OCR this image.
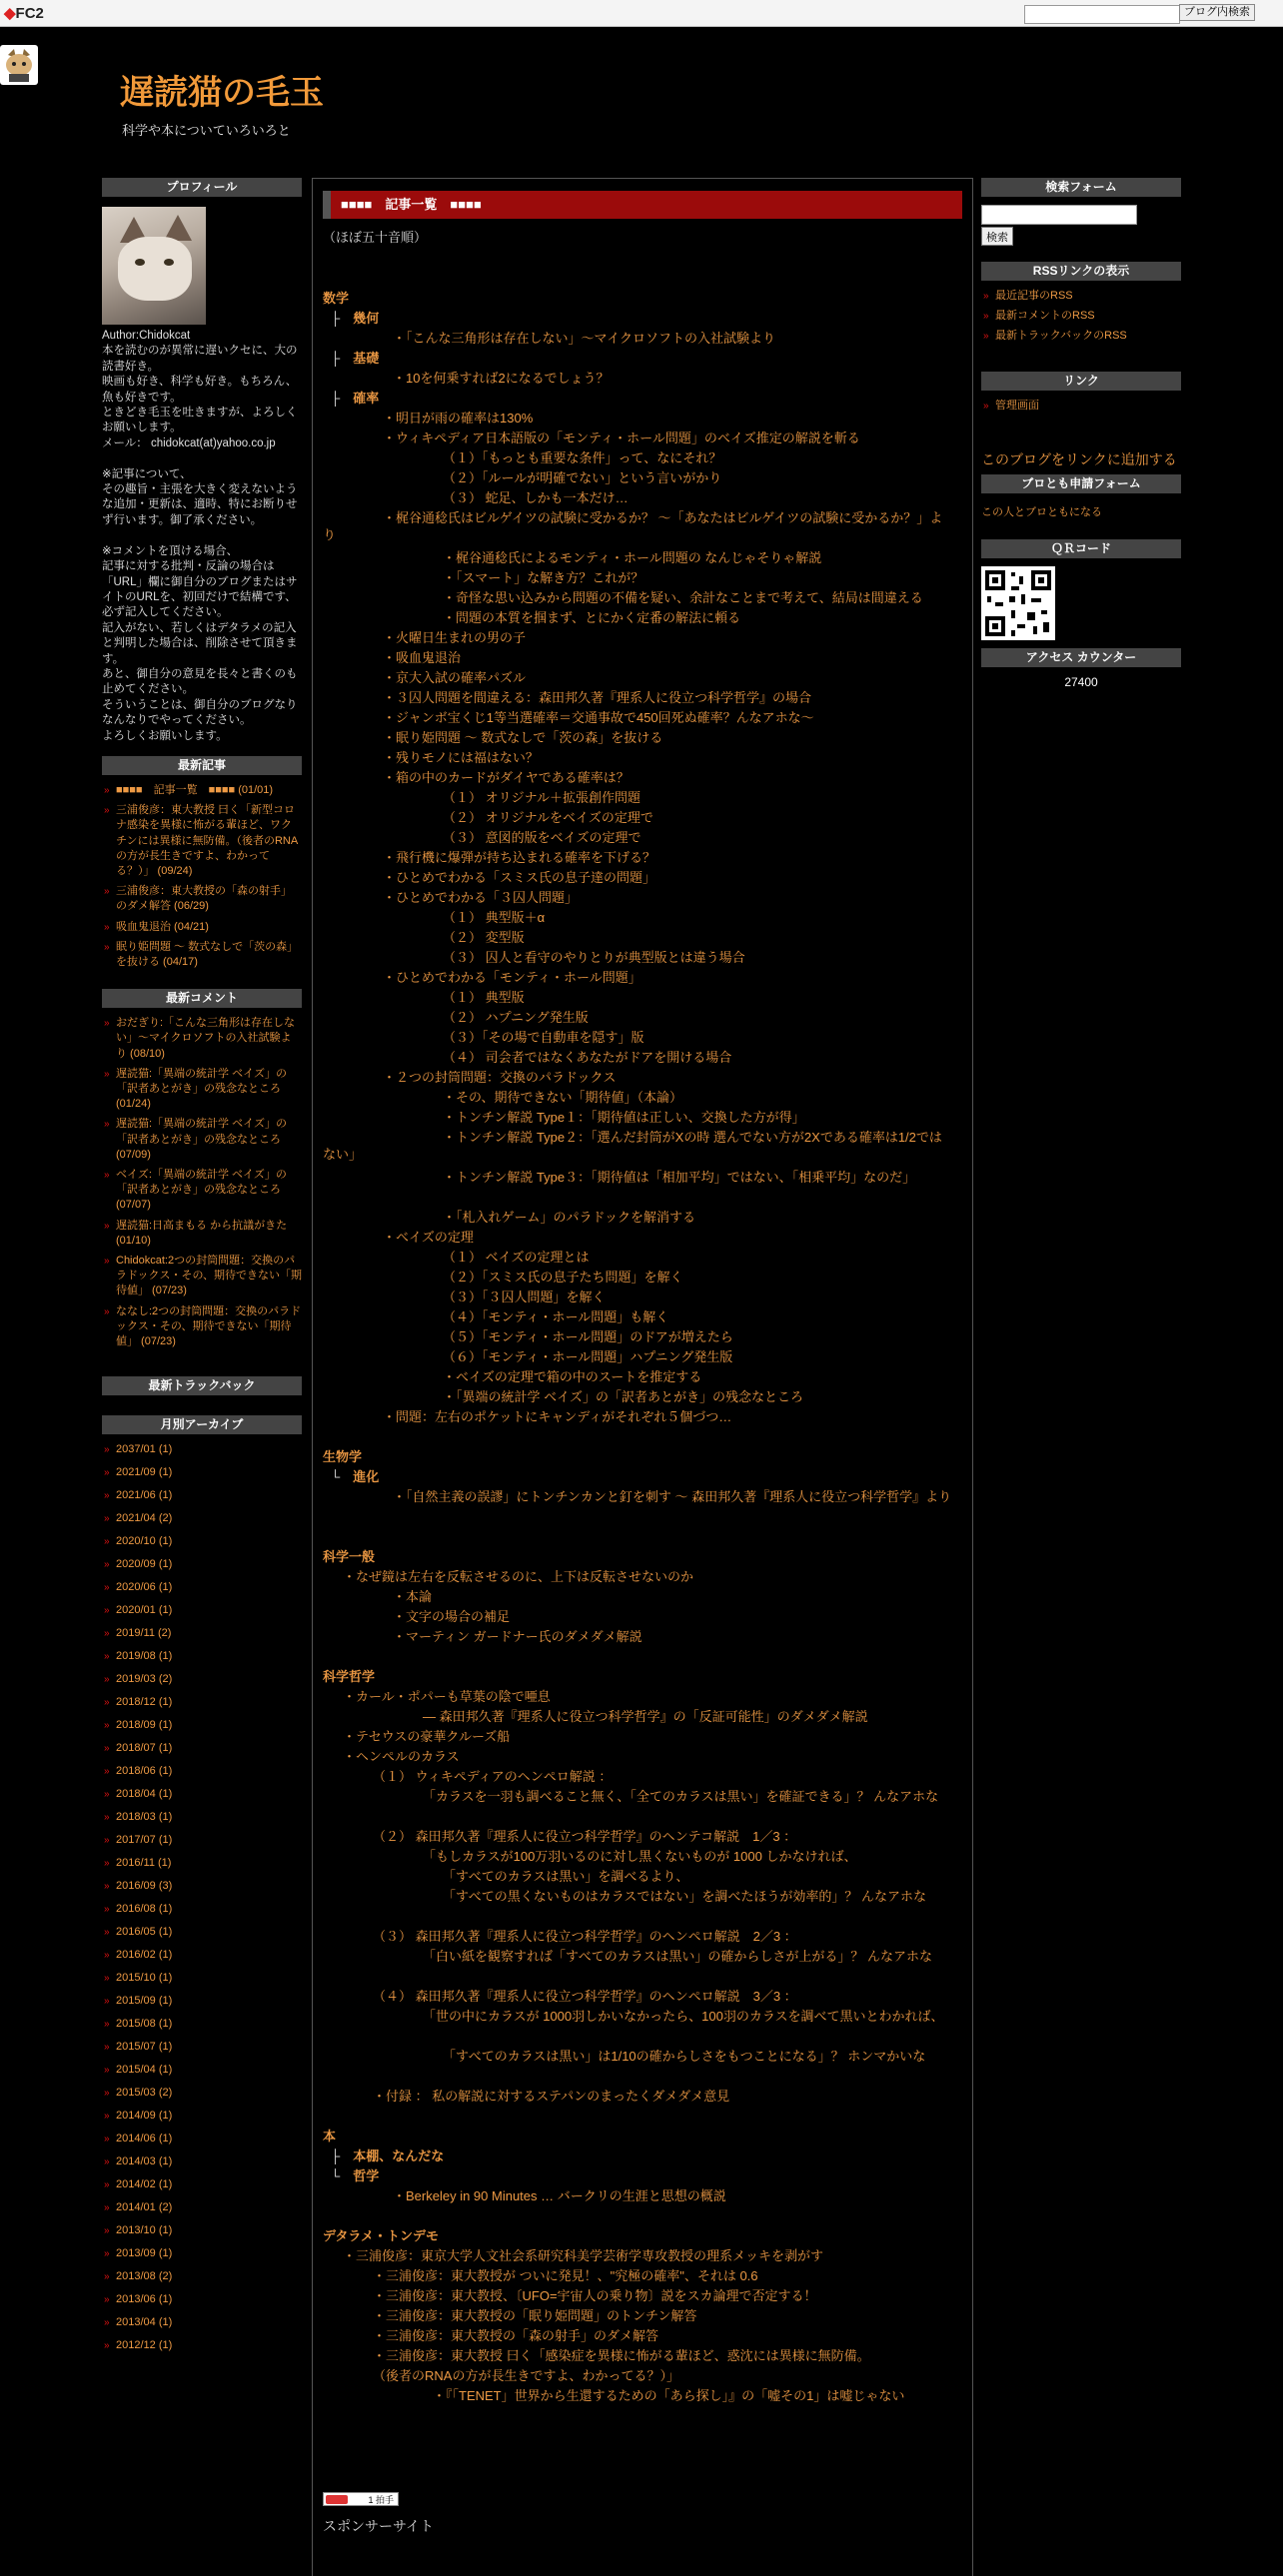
◆FC2	ブログ内検索
遅読猫の毛玉
科学や本についていろいろと
プロフィール
Author:Chidokcat
本を読むのが異常に遅いクセに、大の読書好き。
映画も好き、科学も好き。もちろん、魚も好きです。
ときどき毛玉を吐きますが、よろしくお願いします。
メール： chidokcat(at)yahoo.co.jp

※記事について、
その趣旨・主張を大きく変えないような追加・更新は、適時、特にお断りせず行います。御了承ください。

※コメントを頂ける場合、
記事に対する批判・反論の場合は「URL」欄に御自分のブログまたはサイトのURLを、初回だけで結構です、必ず記入してください。
記入がない、若しくはデタラメの記入と判明した場合は、削除させて頂きます。
あと、御自分の意見を長々と書くのも止めてください。
そういうことは、御自分のブログなりなんなりでやってください。
よろしくお願いします。
最新記事
» ■■■■　記事一覧　■■■■ (01/01)
» 三浦俊彦：東大教授 曰く「新型コロナ感染を異様に怖がる輩ほど、ワクチンには異様に無防備。（後者のRNAの方が長生きですよ、わかってる？）」 (09/24)
» 三浦俊彦：東大教授の「森の射手」のダメ解答 (06/29)
» 吸血鬼退治 (04/21)
» 眠り姫問題 ～ 数式なしで「茨の森」を抜ける (04/17)
最新コメント
» おだぎり:「こんな三角形は存在しない」～マイクロソフトの入社試験より (08/10)
» 遅読猫:「異端の統計学 ベイズ」の「訳者あとがき」の残念なところ (01/24)
» 遅読猫:「異端の統計学 ベイズ」の「訳者あとがき」の残念なところ (07/09)
» ベイズ:「異端の統計学 ベイズ」の「訳者あとがき」の残念なところ (07/07)
» 遅読猫:日高まもる から抗議がきた (01/10)
» Chidokcat:2つの封筒問題：交換のパラドックス・その、期待できない「期待値」 (07/23)
» ななし:2つの封筒問題：交換のパラドックス・その、期待できない「期待値」 (07/23)
最新トラックバック
月別アーカイブ
» 2037/01 (1)
» 2021/09 (1)
» 2021/06 (1)
» 2021/04 (2)
» 2020/10 (1)
» 2020/09 (1)
» 2020/06 (1)
» 2020/01 (1)
» 2019/11 (2)
» 2019/08 (1)
» 2019/03 (2)
» 2018/12 (1)
» 2018/09 (1)
» 2018/07 (1)
» 2018/06 (1)
» 2018/04 (1)
» 2018/03 (1)
» 2017/07 (1)
» 2016/11 (1)
» 2016/09 (3)
» 2016/08 (1)
» 2016/05 (1)
» 2016/02 (1)
» 2015/10 (1)
» 2015/09 (1)
» 2015/08 (1)
» 2015/07 (1)
» 2015/04 (1)
» 2015/03 (2)
» 2014/09 (1)
» 2014/06 (1)
» 2014/03 (1)
» 2014/02 (1)
» 2014/01 (2)
» 2013/10 (1)
» 2013/09 (1)
» 2013/08 (2)
» 2013/06 (1)
» 2013/04 (1)
» 2012/12 (1)
■■■■　記事一覧　■■■■
数学
├　幾何
・「こんな三角形は存在しない」～マイクロソフトの入社試験より
├　基礎
・10を何乗すれば2になるでしょう？
├　確率
・明日が雨の確率は130%
・ウィキペディア日本語版の「モンティ・ホール問題」のベイズ推定の解説を斬る
（１）「もっとも重要な条件」って、なにそれ？
（２）「ルールが明確でない」という言いがかり
（３） 蛇足、しかも一本だけ…
・梶谷通稔氏はビルゲイツの試験に受かるか？ ～「あなたはビルゲイツの試験に受かるか？」より
・梶谷通稔氏によるモンティ・ホール問題の なんじゃそりゃ解説
・「スマート」な解き方？これが？
・奇怪な思い込みから問題の不備を疑い、余計なことまで考えて、結局は間違える
・問題の本質を掴まず、とにかく定番の解法に頼る
・火曜日生まれの男の子
・吸血鬼退治
・京大入試の確率パズル
・３囚人問題を間違える：森田邦久著『理系人に役立つ科学哲学』の場合
・ジャンボ宝くじ1等当選確率＝交通事故で450回死ぬ確率？んなアホな～
・眠り姫問題 ～ 数式なしで「茨の森」を抜ける
・残りモノには福はない？
・箱の中のカードがダイヤである確率は？
（１） オリジナル＋拡張創作問題
（２） オリジナルをベイズの定理で
（３） 意図的版をベイズの定理で
・飛行機に爆弾が持ち込まれる確率を下げる？
・ひとめでわかる「スミス氏の息子達の問題」
・ひとめでわかる「３囚人問題」
（１） 典型版＋α
（２） 変型版
（３） 囚人と看守のやりとりが典型版とは違う場合
・ひとめでわかる「モンティ・ホール問題」
（１） 典型版
（２） ハプニング発生版
（３）「その場で自動車を隠す」版
（４） 司会者ではなくあなたがドアを開ける場合
・２つの封筒問題：交換のパラドックス
・その、期待できない「期待値」（本論）
・トンチン解説 Type１：「期待値は正しい、交換した方が得」
・トンチン解説 Type２：「選んだ封筒がXの時 選んでない方が2Xである確率は1/2ではない」
・トンチン解説 Type３：「期待値は「相加平均」ではない、「相乗平均」なのだ」
・「札入れゲーム」のパラドックを解消する
・ベイズの定理
（１） ベイズの定理とは
（２）「スミス氏の息子たち問題」を解く
（３）「３囚人問題」を解く
（４）「モンティ・ホール問題」も解く
（５）「モンティ・ホール問題」のドアが増えたら
（６）「モンティ・ホール問題」ハプニング発生版
・ベイズの定理で箱の中のスートを推定する
・「異端の統計学 ベイズ」の「訳者あとがき」の残念なところ
・問題：左右のポケットにキャンディがそれぞれ５個づつ…
生物学
└　進化
・「自然主義の誤謬」にトンチンカンと釘を刺す ～ 森田邦久著『理系人に役立つ科学哲学』より
科学一般
・なぜ鏡は左右を反転させるのに、上下は反転させないのか
・本論
・文字の場合の補足
・マーティン ガードナー氏のダメダメ解説
科学哲学
・カール・ポパーも草葉の陰で唖息
― 森田邦久著『理系人に役立つ科学哲学』の「反証可能性」のダメダメ解説
・テセウスの豪華クルーズ船
・ヘンペルのカラス
（１） ウィキペディアのヘンペロ解説 ：
「カラスを一羽も調べること無く、「全てのカラスは黒い」を確証できる」？ んなアホな
（２） 森田邦久著『理系人に役立つ科学哲学』のヘンテコ解説　1／3 ：
「もしカラスが100万羽いるのに対し黒くないものが 1000 しかなければ、
「すべてのカラスは黒い」を調べるより、
「すべての黒くないものはカラスではない」を調べたほうが効率的」？ んなアホな
（３） 森田邦久著『理系人に役立つ科学哲学』のヘンペロ解説　2／3 ：
「白い紙を観察すれば「すべてのカラスは黒い」の確からしさが上がる」？ んなアホな
（４） 森田邦久著『理系人に役立つ科学哲学』のヘンペロ解説　3／3 ：
「世の中にカラスが 1000羽しかいなかったら、100羽のカラスを調べて黒いとわかれば、
「すべてのカラスは黒い」は1/10の確からしさをもつことになる」？ ホンマかいな
・付録 ： 私の解説に対するステパンのまったくダメダメ意見
本
├　本棚、なんだな
└　哲学
・Berkeley in 90 Minutes … バークリの生涯と思想の概説
デタラメ・トンデモ
・三浦俊彦：東京大学人文社会系研究科美学芸術学専攻教授の理系メッキを剥がす
・三浦俊彦：東大教授が ついに発見！、"究極の確率"、それは 0.6
・三浦俊彦：東大教授、〔UFO=宇宙人の乗り物〕説をスカ論理で否定する！
・三浦俊彦：東大教授の「眠り姫問題」のトンチン解答
・三浦俊彦：東大教授の「森の射手」のダメ解答
・三浦俊彦：東大教授 曰く「感染症を異様に怖がる輩ほど、惑沈には異様に無防備。
（後者のRNAの方が長生きですよ、わかってる？）」
・『「TENET」世界から生還するための「あら探し」』の「嘘その1」は嘘じゃない
（ほぼ五十音順）
1 拍手
スポンサーサイト
検索フォーム
検索
RSSリンクの表示
» 最近記事のRSS
» 最新コメントのRSS
» 最新トラックバックのRSS
リンク
» 管理画面
このブログをリンクに追加する
ブロとも申請フォーム
この人とブロともになる
ＱＲコード
アクセス カウンター
27400
